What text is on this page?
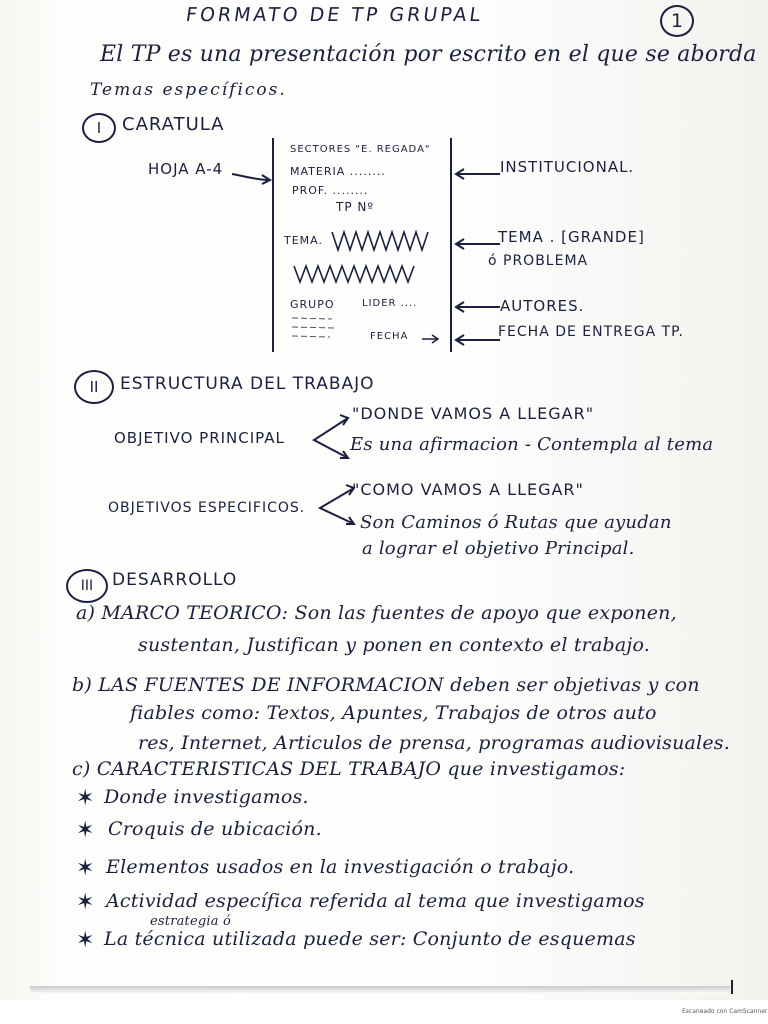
FORMATO DE TP GRUPAL	1
El TP es una presentación por escrito en el que se aborda
Temas específicos.
I CARATULA
HOJA A-4
SECTORES "E. REGADA"
MATERIA ........
PROF. ........
TP Nº
TEMA.
GRUPO	LIDER ....
FECHA
INSTITUCIONAL.
TEMA . [GRANDE]
ó PROBLEMA
AUTORES.
FECHA DE ENTREGA TP.
II ESTRUCTURA DEL TRABAJO
OBJETIVO PRINCIPAL
"DONDE VAMOS A LLEGAR"
Es una afirmacion - Contempla al tema
OBJETIVOS ESPECIFICOS.
"COMO VAMOS A LLEGAR"
Son Caminos ó Rutas que ayudan
a lograr el objetivo Principal.
III DESARROLLO
a) MARCO TEORICO: Son las fuentes de apoyo que exponen,
sustentan, Justifican y ponen en contexto el trabajo.
b) LAS FUENTES DE INFORMACION deben ser objetivas y con
fiables como: Textos, Apuntes, Trabajos de otros auto
res, Internet, Articulos de prensa, programas audiovisuales.
c) CARACTERISTICAS DEL TRABAJO que investigamos:
✶ Donde investigamos.
✶ Croquis de ubicación.
✶ Elementos usados en la investigación o trabajo.
✶ Actividad específica referida al tema que investigamos
estrategia ó
✶ La técnica utilizada puede ser: Conjunto de esquemas
Escaneado con CamScanner
